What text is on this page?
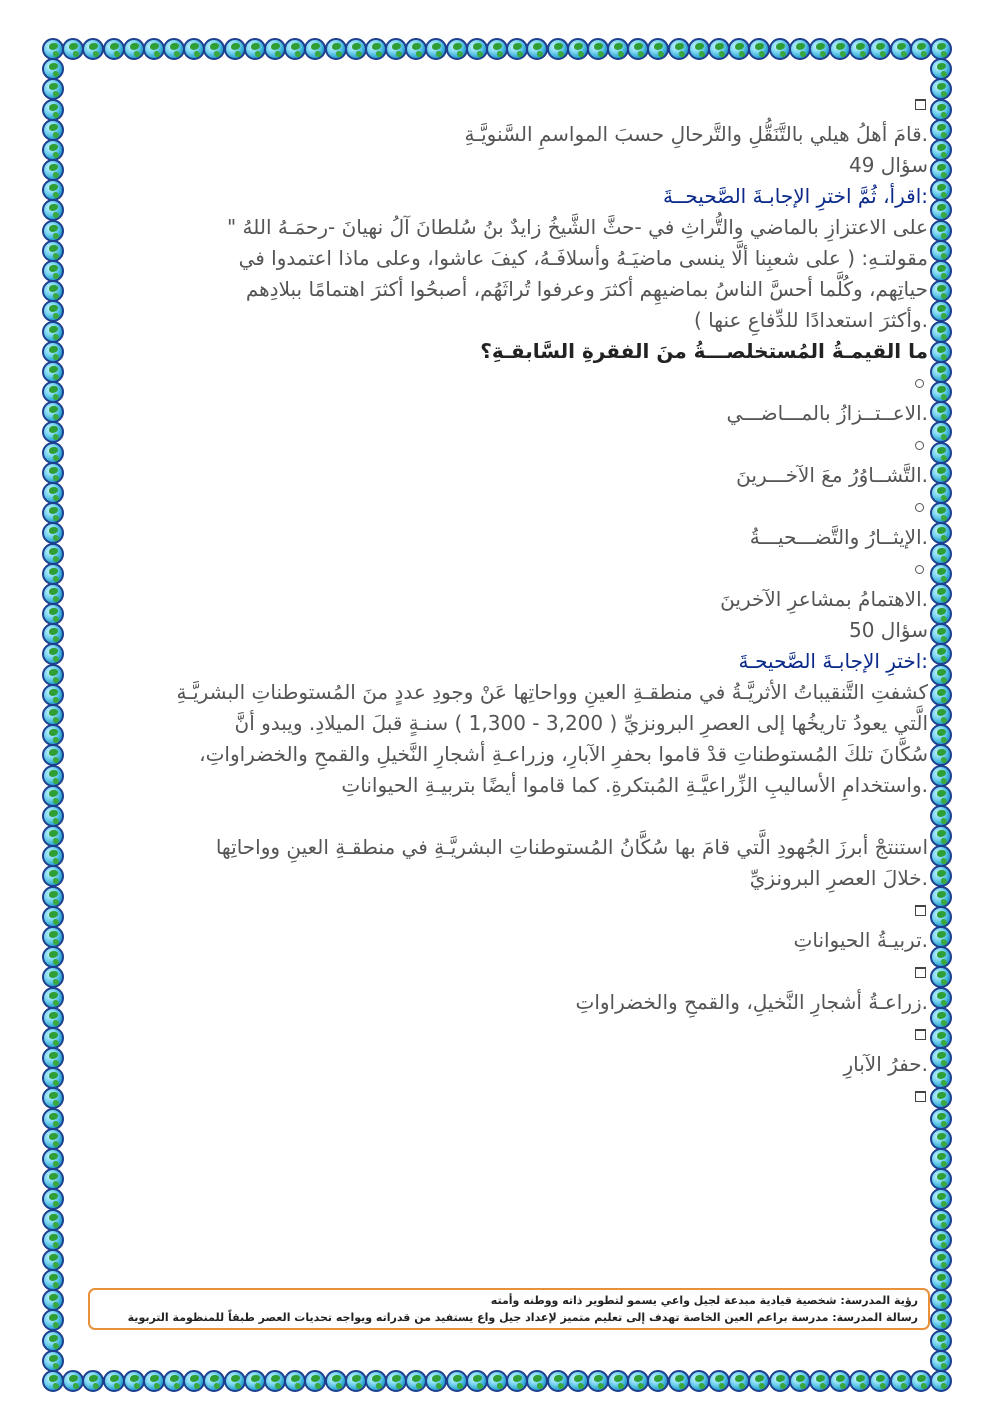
.قامَ أهلُ هيلي بالتَّنَقُّلِ والتَّرحالِ حسبَ المواسمِ السَّنويَّـةِ
سؤال 49
:اقرأ، ثُمَّ اخترِ الإجابـةَ الصَّحيحــةَ
على الاعتزازِ بالماضي والتُّراثِ في -حثَّ الشَّيخُ زايدٌ بنُ سُلطانَ آلُ نهيانَ -رحمَـهُ اللهُ "
مقولتـهِ: ( على شعبِنا ألَّا ينسى ماضيَـهُ وأسلافَـهُ، كيفَ عاشوا، وعلى ماذا اعتمدوا في
حياتِهم، وكُلَّما أحسَّ الناسُ بماضيهِم أكثرَ وعرفوا تُراثَهُم، أصبحُوا أكثرَ اهتمامًا ببلادِهم
.وأكثرَ استعدادًا للدِّفاعِ عنها )
ما القيمـةُ المُستخلصـــةُ منَ الفقرةِ السَّابقـةِ؟
.الاعــتــزازُ بالمـــاضـــي
.التَّشــاوُرُ معَ الآخـــرينَ
.الإيثــارُ والتَّضـــحيـــةُ
.الاهتمامُ بمشاعرِ الآخرينَ
سؤال 50
:اخترِ الإجابـةَ الصَّحيحـةَ
كشفتِ التَّنقيباتُ الأثريَّـةُ في منطقـةِ العينِ وواحاتِها عَنْ وجودِ عددٍ منَ المُستوطناتِ البشريَّـةِ
الَّتي يعودُ تاريخُها إلى العصرِ البرونزيِّ ( 3,200 - 1,300 ) سنـةٍ قبلَ الميلادِ. ويبدو أنَّ
سُكَّانَ تلكَ المُستوطناتِ قدْ قاموا بحفرِ الآبارِ، وزراعـةِ أشجارِ النَّخيلِ والقمحِ والخضراواتِ،
.واستخدامِ الأساليبِ الزِّراعيَّـةِ المُبتكرةِ. كما قاموا أيضًا بتربيـةِ الحيواناتِ
استنتجْ أبرزَ الجُهودِ الَّتي قامَ بها سُكَّانُ المُستوطناتِ البشريَّـةِ في منطقـةِ العينِ وواحاتِها
.خلالَ العصرِ البرونزيِّ
.تربيـةُ الحيواناتِ
.زراعـةُ أشجارِ النَّخيلِ، والقمحِ والخضراواتِ
.حفرُ الآبارِ
رؤية المدرسة: شخصية قيادية مبدعة لجيل واعي يسمو لتطوير ذاته ووطنه وأمته
رسالة المدرسة: مدرسة براعم العين الخاصة تهدف إلى تعليم متميز لإعداد جيل واع يستفيد من قدراته ويواجه تحديات العصر طبقاً للمنظومة التربوية
